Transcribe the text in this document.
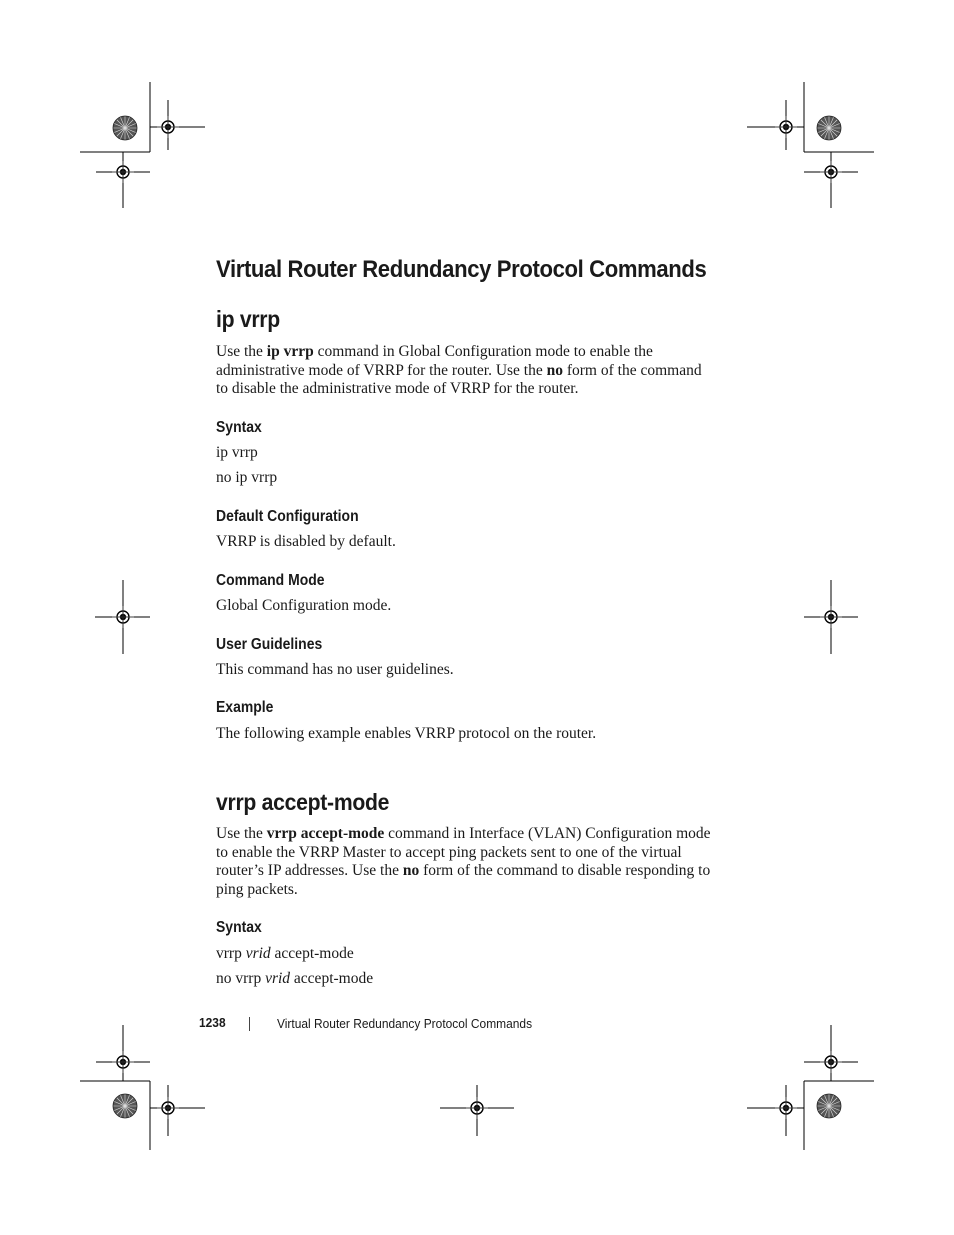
Virtual Router Redundancy Protocol Commands
ip vrrp

Use the ip vrrp command in Global Configuration mode to enable the administrative mode of VRRP for the router. Use the no form of the command to disable the administrative mode of VRRP for the router.

Syntax

ip vrrp

no ip vrrp

Default Configuration

VRRP is disabled by default.

Command Mode

Global Configuration mode.

User Guidelines

This command has no user guidelines.

Example

The following example enables VRRP protocol on the router.

vrrp accept-mode

Use the vrrp accept-mode command in Interface (VLAN) Configuration mode to enable the VRRP Master to accept ping packets sent to one of the virtual router’s IP addresses. Use the no form of the command to disable responding to ping packets.

Syntax

vrrp vrid accept-mode

no vrrp vrid accept-mode

1238	Virtual Router Redundancy Protocol Commands
